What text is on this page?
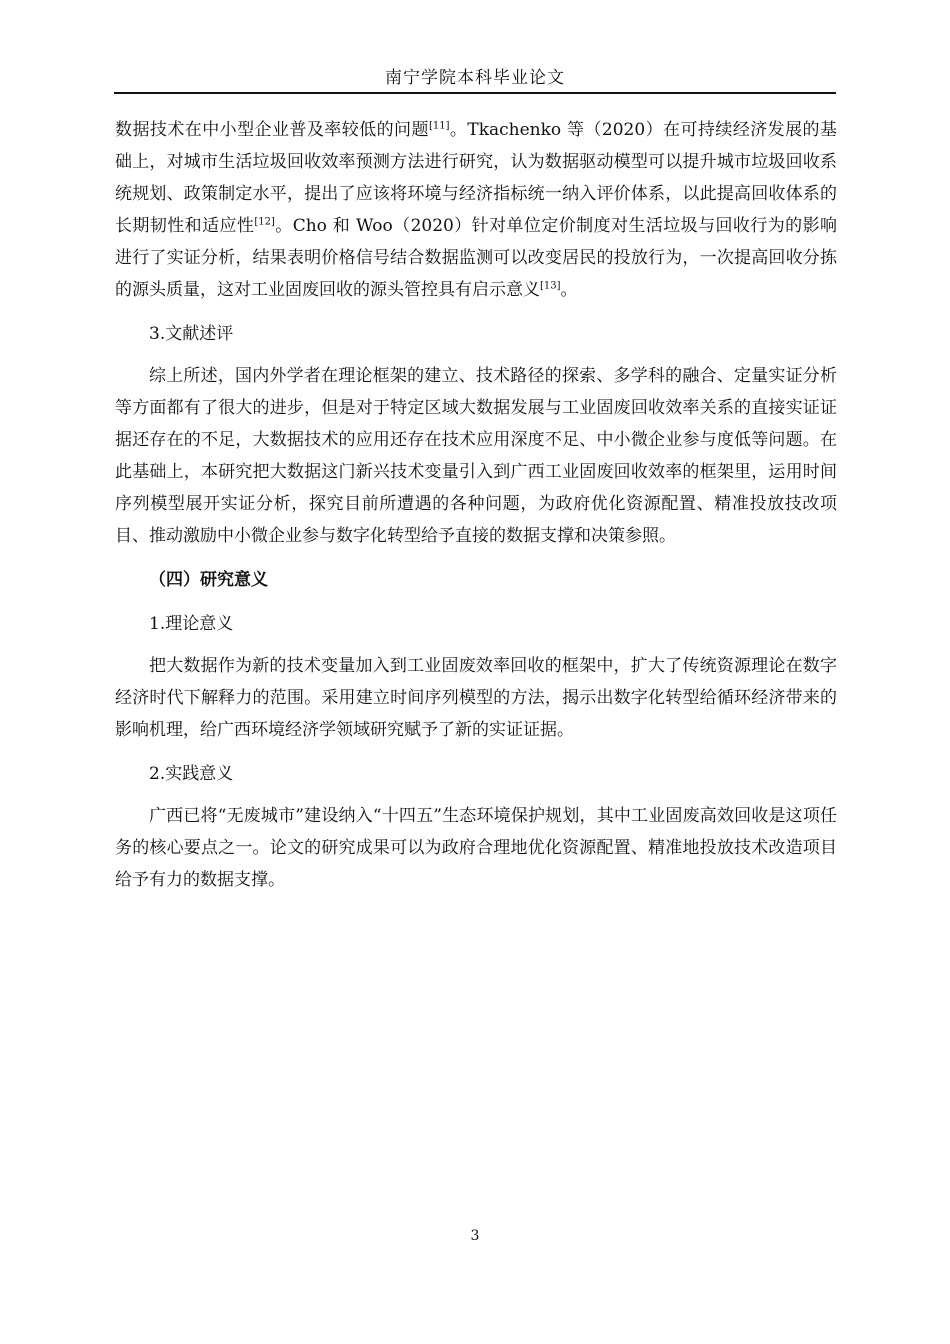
南宁学院本科毕业论文

数据技术在中小型企业普及率较低的问题[11]。Tkachenko 等（2020）在可持续经济发展的基础上，对城市生活垃圾回收效率预测方法进行研究，认为数据驱动模型可以提升城市垃圾回收系统规划、政策制定水平，提出了应该将环境与经济指标统一纳入评价体系，以此提高回收体系的长期韧性和适应性[12]。Cho 和 Woo（2020）针对单位定价制度对生活垃圾与回收行为的影响进行了实证分析，结果表明价格信号结合数据监测可以改变居民的投放行为，一次提高回收分拣的源头质量，这对工业固废回收的源头管控具有启示意义[13]。

3.文献述评

综上所述，国内外学者在理论框架的建立、技术路径的探索、多学科的融合、定量实证分析等方面都有了很大的进步，但是对于特定区域大数据发展与工业固废回收效率关系的直接实证证据还存在的不足，大数据技术的应用还存在技术应用深度不足、中小微企业参与度低等问题。在此基础上，本研究把大数据这门新兴技术变量引入到广西工业固废回收效率的框架里，运用时间序列模型展开实证分析，探究目前所遭遇的各种问题，为政府优化资源配置、精准投放技改项目、推动激励中小微企业参与数字化转型给予直接的数据支撑和决策参照。

（四）研究意义

1.理论意义

把大数据作为新的技术变量加入到工业固废效率回收的框架中，扩大了传统资源理论在数字经济时代下解释力的范围。采用建立时间序列模型的方法，揭示出数字化转型给循环经济带来的影响机理，给广西环境经济学领域研究赋予了新的实证证据。

2.实践意义

广西已将“无废城市”建设纳入“十四五”生态环境保护规划，其中工业固废高效回收是这项任务的核心要点之一。论文的研究成果可以为政府合理地优化资源配置、精准地投放技术改造项目给予有力的数据支撑。

3
